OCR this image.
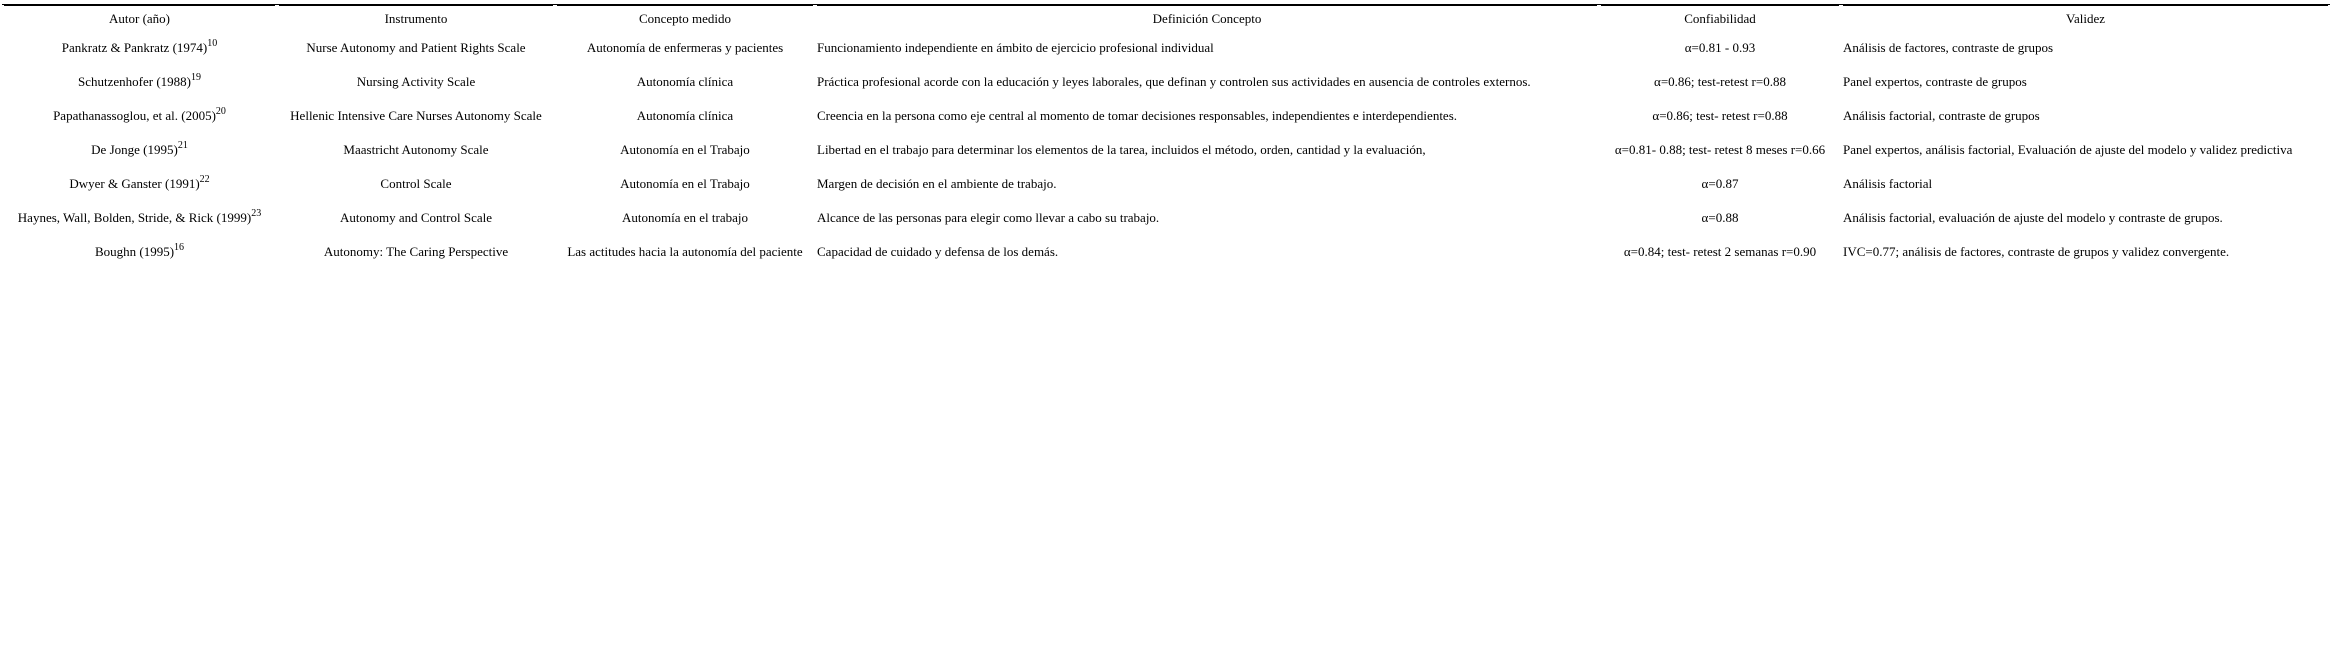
Autor (año)	Instrumento	Concepto medido	Definición Concepto	Confiabilidad	Validez
Pankratz & Pankratz $(1974)^{10}$	Nurse Autonomy and Patient Rights Scale	Autonomía de enfermeras y pacientes	Funcionamiento independiente en ámbito de ejercicio profesional individual	α=0.81 - 0.93	Análisis de factores, contraste de grupos
Schutzenhofer $(1988)^{19}$	Nursing Activity Scale	Autonomía clínica	Práctica profesional acorde con la educación y leyes laborales, que definan y controlen sus actividades en ausencia de controles externos.	α=0.86; test-retest r=0.88	Panel expertos, contraste de grupos
Papathanassoglou, et al. $(2005)^{20}$	Hellenic Intensive Care Nurses Autonomy Scale	Autonomía clínica	Creencia en la persona como eje central al momento de tomar decisiones responsables, independientes e interdependientes.	α=0.86; test- retest r=0.88	Análisis factorial, contraste de grupos
De Jonge $(1995)^{21}$	Maastricht Autonomy Scale	Autonomía en el Trabajo	Libertad en el trabajo para determinar los elementos de la tarea, incluidos el método, orden, cantidad y la evaluación,	α=0.81- 0.88; test- retest 8 meses r=0.66	Panel expertos, análisis factorial, Evaluación de ajuste del modelo y validez predictiva
Dwyer & Ganster $(1991)^{22}$	Control Scale	Autonomía en el Trabajo	Margen de decisión en el ambiente de trabajo.	α=0.87	Análisis factorial
Haynes, Wall, Bolden, Stride, & Rick $(1999)^{23}$	Autonomy and Control Scale	Autonomía en el trabajo	Alcance de las personas para elegir como llevar a cabo su trabajo.	α=0.88	Análisis factorial, evaluación de ajuste del modelo y contraste de grupos.
Boughn $(1995)^{16}$	Autonomy: The Caring Perspective	Las actitudes hacia la autonomía del paciente	Capacidad de cuidado y defensa de los demás.	α=0.84; test- retest 2 semanas r=0.90	IVC=0.77; análisis de factores, contraste de grupos y validez convergente.
